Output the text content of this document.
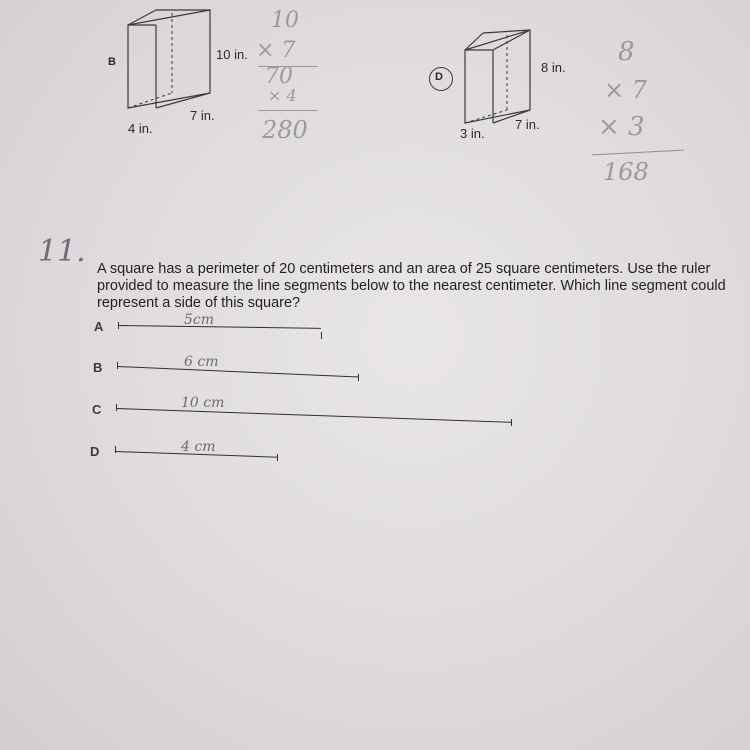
B	10 in.
7 in.
4 in.
10
× 7
70
× 4
280
D
8 in.
7 in.
3 in.
8
× 7
× 3
168
11. A square has a perimeter of 20 centimeters and an area of 25 square centimeters. Use the ruler provided to measure the line segments below to the nearest centimeter. Which line segment could represent a side of this square?
A	5cm
B	6 cm
C	10 cm
D	4 cm
